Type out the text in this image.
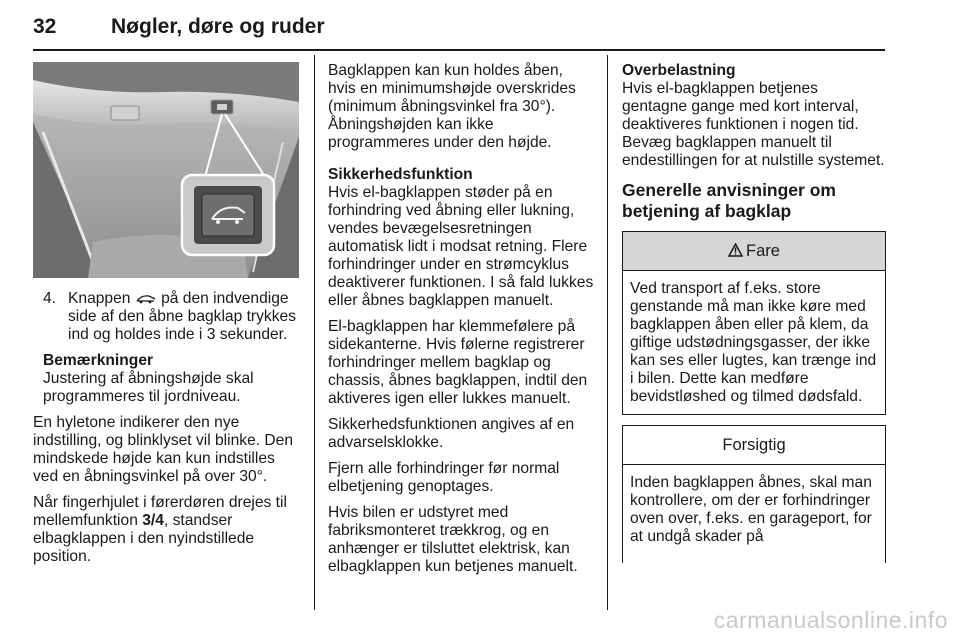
32	Nøgler, døre og ruder
4. Knappen på den indvendige side af den åbne bagklap trykkes ind og holdes inde i 3 sekunder.
Bemærkninger
Justering af åbningshøjde skal programmeres til jordniveau.

En hyletone indikerer den nye indstilling, og blinklyset vil blinke. Den mindskede højde kan kun indstilles ved en åbningsvinkel på over 30°.

Når fingerhjulet i førerdøren drejes til mellemfunktion 3/4, standser elbagklappen i den nyindstillede position.

Bagklappen kan kun holdes åben, hvis en minimumshøjde overskrides (minimum åbningsvinkel fra 30°). Åbningshøjden kan ikke programmeres under den højde.

Sikkerhedsfunktion

Hvis el-bagklappen støder på en forhindring ved åbning eller lukning, vendes bevægelsesretningen automatisk lidt i modsat retning. Flere forhindringer under en strømcyklus deaktiverer funktionen. I så fald lukkes eller åbnes bagklappen manuelt.

El-bagklappen har klemmefølere på sidekanterne. Hvis følerne registrerer forhindringer mellem bagklap og chassis, åbnes bagklappen, indtil den aktiveres igen eller lukkes manuelt.

Sikkerhedsfunktionen angives af en advarselsklokke.

Fjern alle forhindringer før normal elbetjening genoptages.

Hvis bilen er udstyret med fabriksmonteret trækkrog, og en anhænger er tilsluttet elektrisk, kan elbagklappen kun betjenes manuelt.

Overbelastning

Hvis el-bagklappen betjenes gentagne gange med kort interval, deaktiveres funktionen i nogen tid. Bevæg bagklappen manuelt til endestillingen for at nulstille systemet.

Generelle anvisninger om betjening af bagklap
Fare
Ved transport af f.eks. store genstande må man ikke køre med bagklappen åben eller på klem, da giftige udstødningsgasser, der ikke kan ses eller lugtes, kan trænge ind i bilen. Dette kan medføre bevidstløshed og tilmed dødsfald.
Forsigtig
Inden bagklappen åbnes, skal man kontrollere, om der er forhindringer oven over, f.eks. en garageport, for at undgå skader på
carmanualsonline.info
